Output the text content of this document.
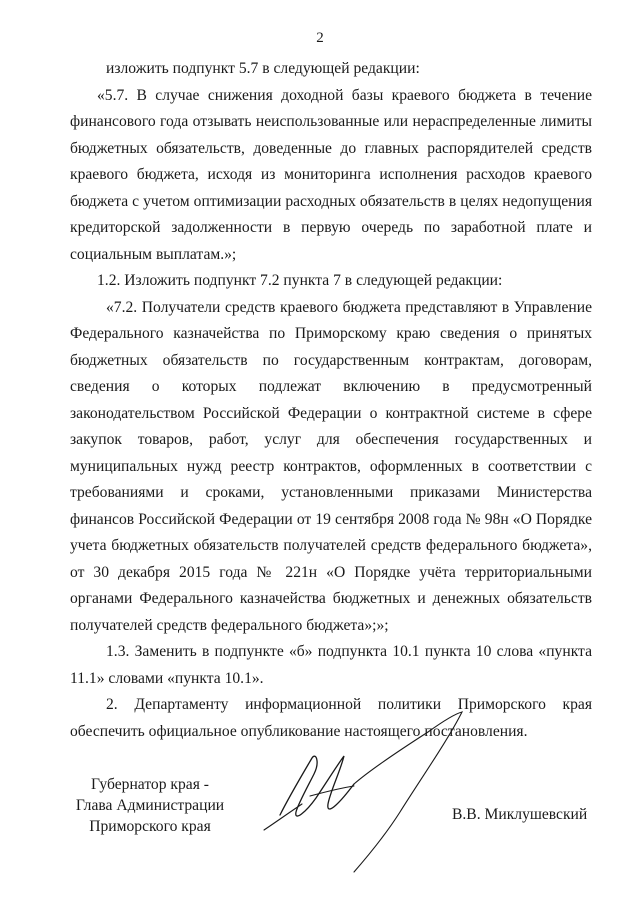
2

изложить подпункт 5.7 в следующей редакции:

«5.7. В случае снижения доходной базы краевого бюджета в течение финансового года отзывать неиспользованные или нераспределенные лимиты бюджетных обязательств, доведенные до главных распорядителей средств краевого бюджета, исходя из мониторинга исполнения расходов краевого бюджета с учетом оптимизации расходных обязательств в целях недопущения кредиторской задолженности в первую очередь по заработной плате и социальным выплатам.»;

1.2. Изложить подпункт 7.2 пункта 7 в следующей редакции:

«7.2. Получатели средств краевого бюджета представляют в Управление Федерального казначейства по Приморскому краю сведения о принятых бюджетных обязательств по государственным контрактам, договорам, сведения о которых подлежат включению в предусмотренный законодательством Российской Федерации о контрактной системе в сфере закупок товаров, работ, услуг для обеспечения государственных и муниципальных нужд реестр контрактов, оформленных в соответствии с требованиями и сроками, установленными приказами Министерства финансов Российской Федерации от 19 сентября 2008 года № 98н «О Порядке учета бюджетных обязательств получателей средств федерального бюджета», от 30 декабря 2015 года № 221н «О Порядке учёта территориальными органами Федерального казначейства бюджетных и денежных обязательств получателей средств федерального бюджета»;»;

1.3. Заменить в подпункте «б» подпункта 10.1 пункта 10 слова «пункта 11.1» словами «пункта 10.1».

2. Департаменту информационной политики Приморского края обеспечить официальное опубликование настоящего постановления.

Губернатор края -
Глава Администрации
Приморского края
В.В. Миклушевский
